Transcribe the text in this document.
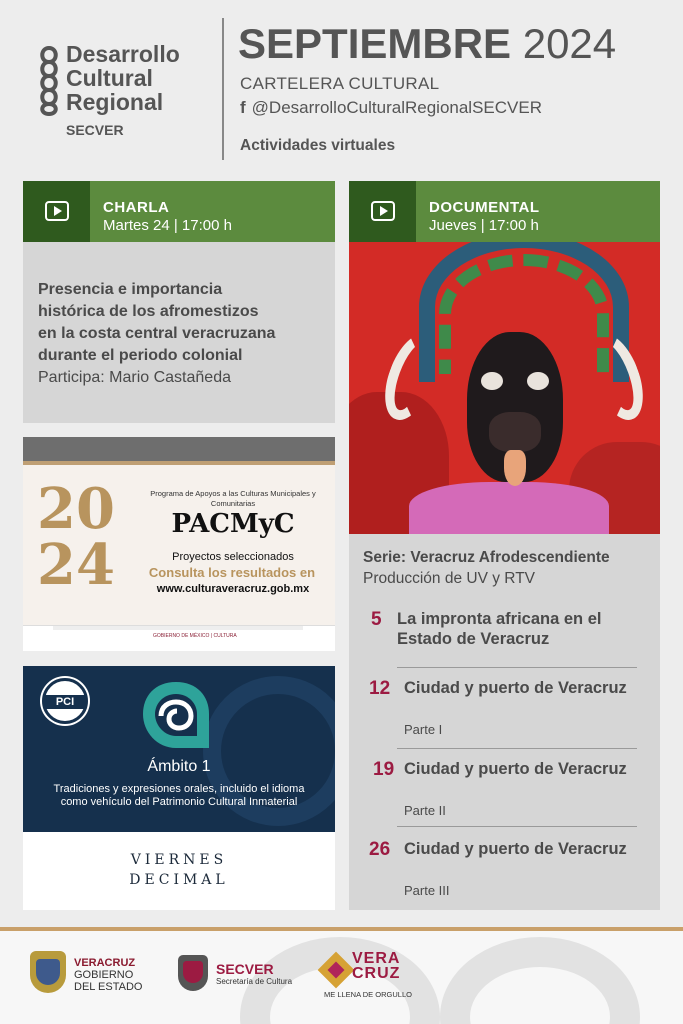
Desarrollo
Cultural
Regional
SECVER
SEPTIEMBRE 2024
CARTELERA CULTURAL
f @DesarrolloCulturalRegionalSECVER
Actividades virtuales
CHARLA
Martes 24 | 17:00 h
Presencia e importancia
histórica de los afromestizos
en la costa central veracruzana
durante el periodo colonial
Participa: Mario Castañeda
20
24
Programa de Apoyos a las Culturas Municipales y Comunitarias
PACMyC
Proyectos seleccionados
Consulta los resultados en
www.culturaveracruz.gob.mx
GOBIERNO DE MÉXICO | CULTURA
PCI
Ámbito 1
Tradiciones y expresiones orales, incluido el idioma como vehículo del Patrimonio Cultural Inmaterial
VIERNES
DECIMAL
DOCUMENTAL
Jueves | 17:00 h
Serie: Veracruz Afrodescendiente
Producción de UV y RTV
5 La impronta africana en el Estado de Veracruz
12 Ciudad y puerto de Veracruz
Parte I
19 Ciudad y puerto de Veracruz
Parte II
26 Ciudad y puerto de Veracruz
Parte III
VERACRUZ
GOBIERNO
DEL ESTADO
SECVER
Secretaría de Cultura
VERA
CRUZ
ME LLENA DE ORGULLO
